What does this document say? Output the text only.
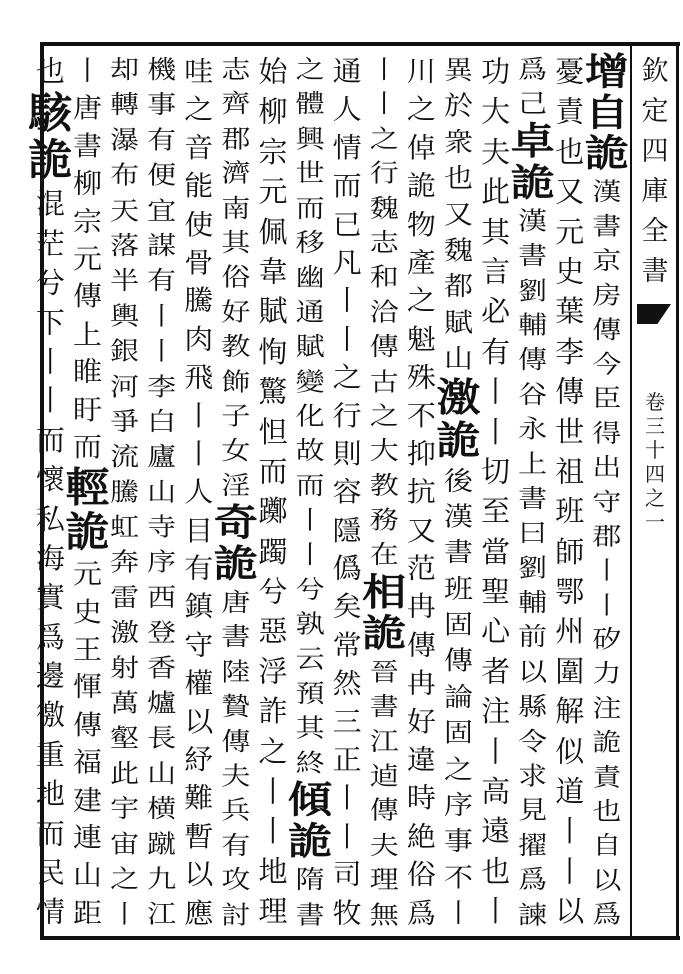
欽
定
四
庫
全
書
卷
三
十
四
之
一
增
自
詭
漢
書
京
房
傳
今
臣
得
出
守
郡
丨
丨
矽
力
注
詭
責
也
自
以
爲
憂
責
也
又
元
史
葉
李
傳
世
祖
班
師
鄂
州
圍
解
似
道
丨
丨
以
爲
己
卓
詭
漢
書
劉
輔
傳
谷
永
上
書
曰
劉
輔
前
以
縣
令
求
見
擢
爲
諫
功
大
夫
此
其
言
必
有
丨
丨
切
至
當
聖
心
者
注
丨
高
遠
也
丨
異
於
衆
也
又
魏
都
賦
山
激
詭
後
漢
書
班
固
傳
論
固
之
序
事
不
丨
川
之
倬
詭
物
產
之
魁
殊
不
抑
抗
又
范
冉
傳
冉
好
違
時
絶
俗
爲
丨
丨
之
行
魏
志
和
洽
傳
古
之
大
教
務
在
相
詭
晉
書
江
逌
傳
夫
理
無
通
人
情
而
已
凡
丨
丨
之
行
則
容
隱
僞
矣
常
然
三
正
丨
丨
司
牧
之
體
興
世
而
移
幽
通
賦
變
化
故
而
丨
丨
兮
孰
云
預
其
終
傾
詭
隋
書
始
柳
宗
元
佩
韋
賦
恂
驚
怛
而
躑
躅
兮
惡
浮
詐
之
丨
丨
地
理
志
齊
郡
濟
南
其
俗
好
教
飾
子
女
淫
奇
詭
唐
書
陸
贄
傳
夫
兵
有
攻
討
哇
之
音
能
使
骨
騰
肉
飛
丨
丨
人
目
有
鎮
守
權
以
紓
難
暫
以
應
機
事
有
便
宜
謀
有
丨
丨
李
白
廬
山
寺
序
西
登
香
爐
長
山
横
蹴
九
江
却
轉
瀑
布
天
落
半
輿
銀
河
爭
流
騰
虹
奔
雷
激
射
萬
壑
此
宇
宙
之
丨
丨
唐
書
柳
宗
元
傳
上
睢
盱
而
輕
詭
元
史
王
惲
傳
福
建
連
山
距
也
駭
詭
混
茫
兮
下
丨
丨
而
懷
私
海
實
爲
邊
徼
重
地
而
民
情
